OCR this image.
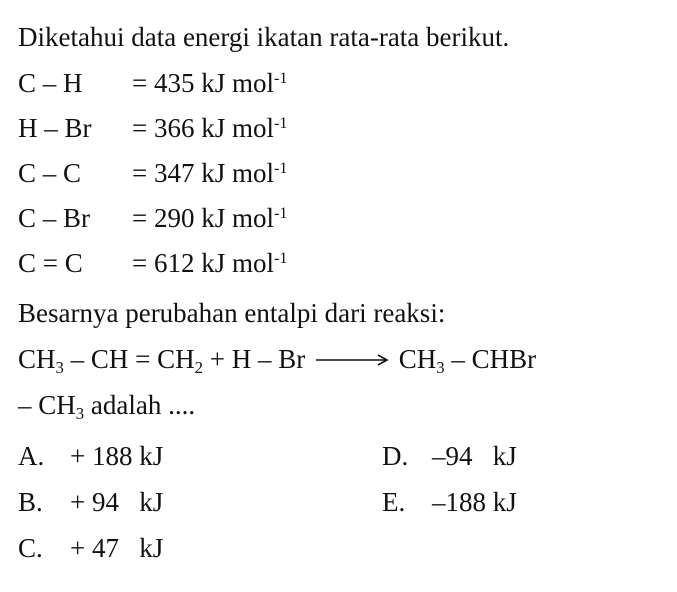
Diketahui data energi ikatan rata-rata berikut.
C – H = 435 kJ mol$^{-1}$
H – Br = 366 kJ mol$^{-1}$
C – C = 347 kJ mol$^{-1}$
C – Br = 290 kJ mol$^{-1}$
C = C = 612 kJ mol$^{-1}$
Besarnya perubahan entalpi dari reaksi:
$CH_3$ – CH = $CH_2 + H - Br \to CH_3$ – CHBr
– $CH_3$ adalah ....
A. + 188 kJ
B. + 94   kJ
C. + 47   kJ
D. –94   kJ
E. –188 kJ
